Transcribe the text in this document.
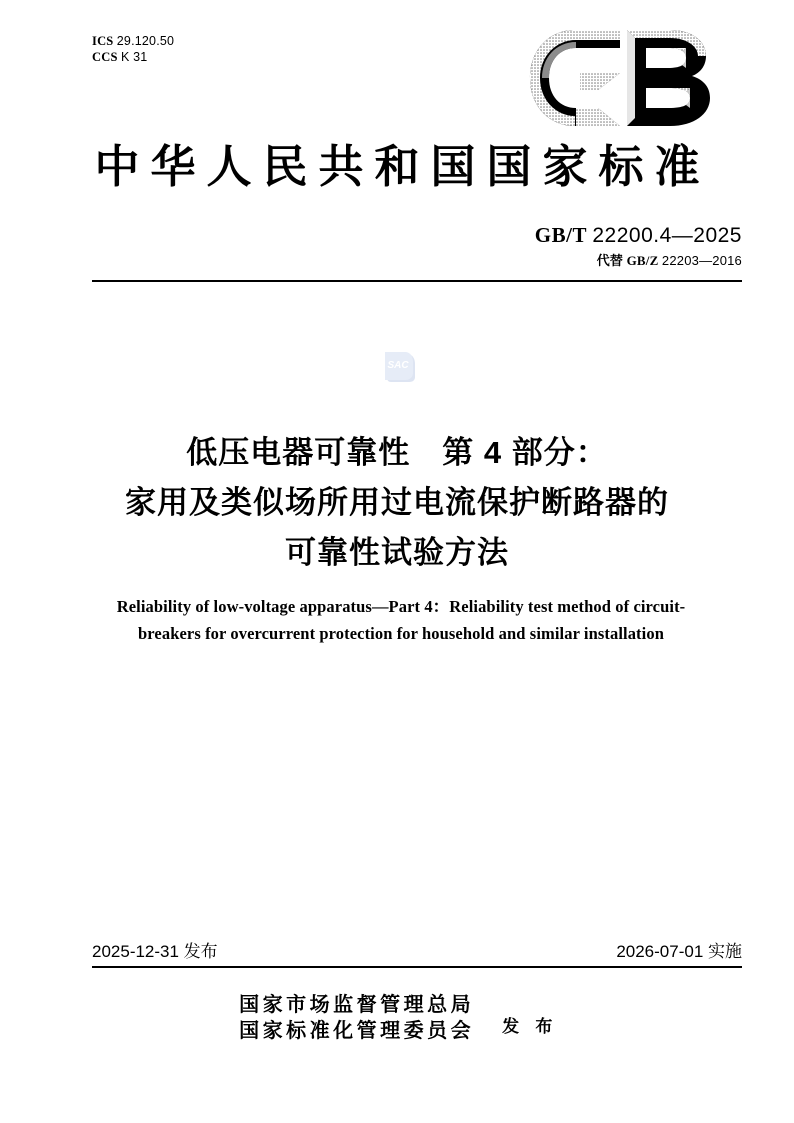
ICS 29.120.50
CCS K 31
中华人民共和国国家标准
GB/T 22200.4—2025
代替 GB/Z 22203—2016
SAC
低压电器可靠性　第 4 部分：
家用及类似场所用过电流保护断路器的
可靠性试验方法
Reliability of low-voltage apparatus—Part 4：Reliability test method of circuit-
breakers for overcurrent protection for household and similar installation
2025-12-31 发布	2026-07-01 实施
国家市场监督管理总局
国家标准化管理委员会 发 布
